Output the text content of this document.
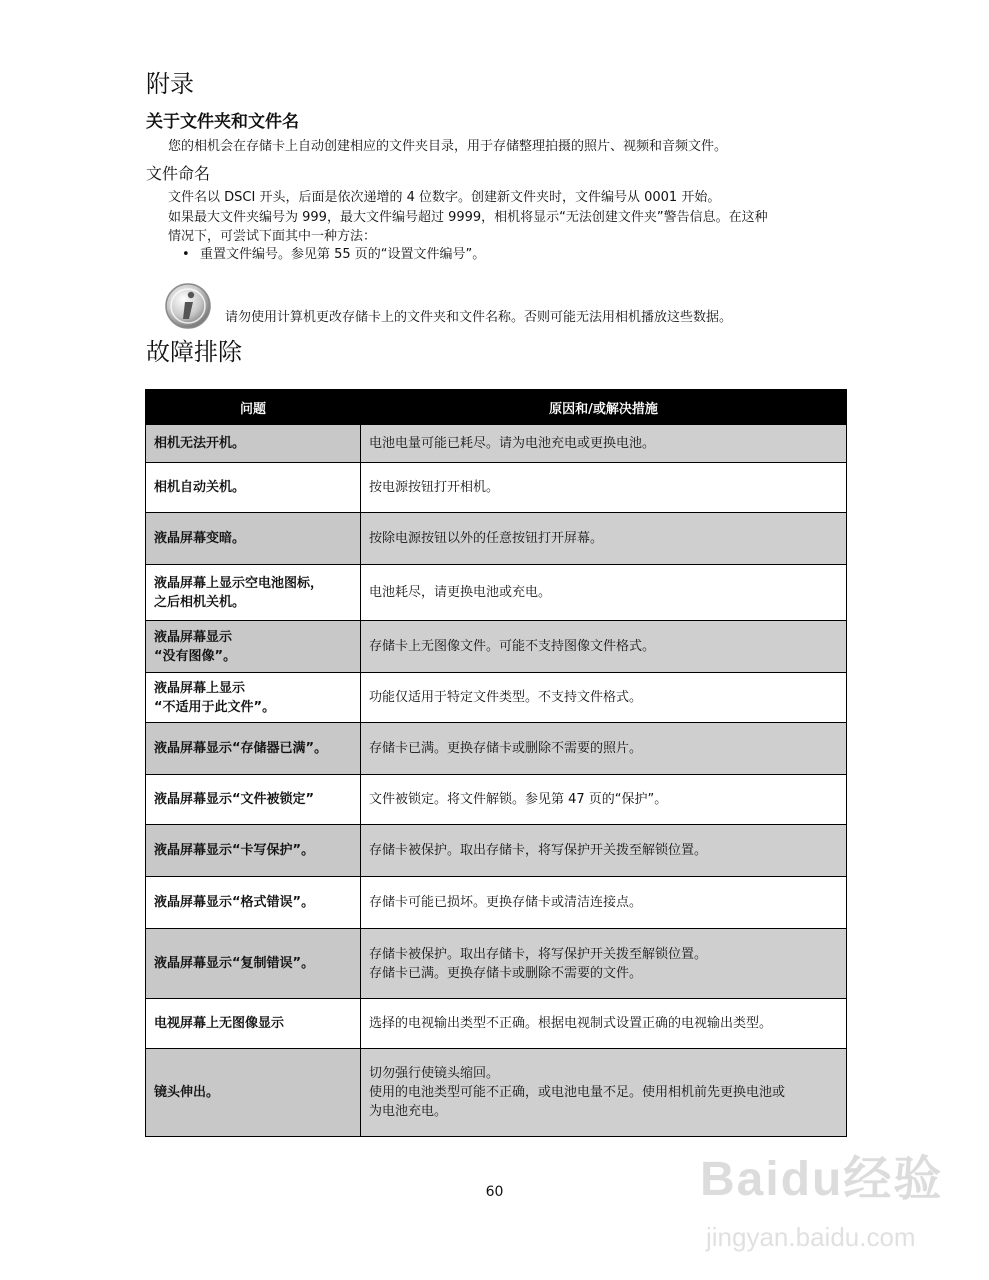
附录
关于文件夹和文件名

您的相机会在存储卡上自动创建相应的文件夹目录，用于存储整理拍摄的照片、视频和音频文件。

文件命名

文件名以 DSCI 开头，后面是依次递增的 4 位数字。创建新文件夹时，文件编号从 0001 开始。

如果最大文件夹编号为 999，最大文件编号超过 9999，相机将显示“无法创建文件夹”警告信息。在这种

情况下，可尝试下面其中一种方法：

• 重置文件编号。参见第 55 页的“设置文件编号”。

请勿使用计算机更改存储卡上的文件夹和文件名称。否则可能无法用相机播放这些数据。

故障排除
问题	原因和/或解决措施

相机无法开机。	电池电量可能已耗尽。请为电池充电或更换电池。

相机自动关机。	按电源按钮打开相机。

液晶屏幕变暗。	按除电源按钮以外的任意按钮打开屏幕。

液晶屏幕上显示空电池图标，
之后相机关机。	电池耗尽，请更换电池或充电。

液晶屏幕显示
“没有图像”。	存储卡上无图像文件。可能不支持图像文件格式。

液晶屏幕上显示
“不适用于此文件”。	功能仅适用于特定文件类型。不支持文件格式。

液晶屏幕显示“存储器已满”。	存储卡已满。更换存储卡或删除不需要的照片。

液晶屏幕显示“文件被锁定”	文件被锁定。将文件解锁。参见第 47 页的“保护”。

液晶屏幕显示“卡写保护”。	存储卡被保护。取出存储卡，将写保护开关拨至解锁位置。

液晶屏幕显示“格式错误”。	存储卡可能已损坏。更换存储卡或清洁连接点。

液晶屏幕显示“复制错误”。	存储卡被保护。取出存储卡，将写保护开关拨至解锁位置。
存储卡已满。更换存储卡或删除不需要的文件。

电视屏幕上无图像显示	选择的电视输出类型不正确。根据电视制式设置正确的电视输出类型。

镜头伸出。	切勿强行使镜头缩回。
使用的电池类型可能不正确，或电池电量不足。使用相机前先更换电池或
为电池充电。
60	Baidu经验
jingyan.baidu.com
